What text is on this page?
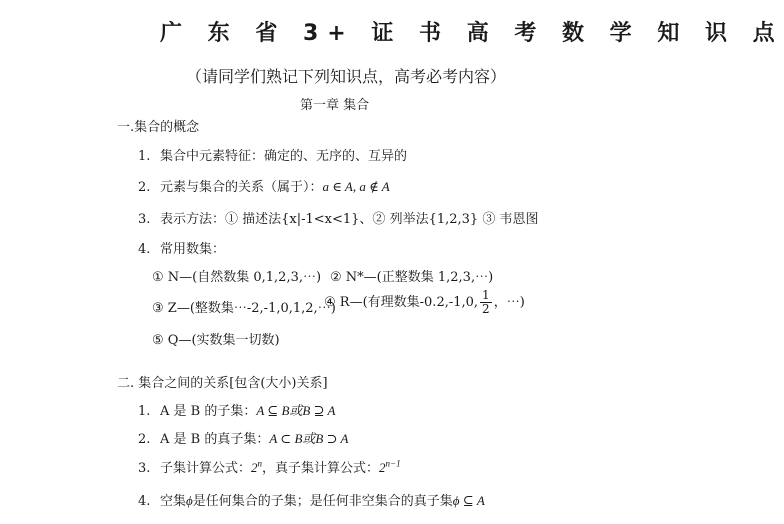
广 东 省 3+ 证 书 高 考 数 学 知 识 点
（请同学们熟记下列知识点，高考必考内容）
第一章 集合
一.集合的概念
1. 集合中元素特征：确定的、无序的、互异的
2. 元素与集合的关系（属于）：a ∈ A, a ∉ A
3. 表示方法：① 描述法{x|-1<x<1}、② 列举法{1,2,3} ③ 韦恩图
4. 常用数集：
① N—(自然数集 0,1,2,3,⋯) ② N*—(正整数集 1,2,3,⋯)
③ Z—(整数集⋯-2,-1,0,1,2,⋯)
④ R—(有理数集-0.2,-1,0, $\frac{1}{2}$ ，⋯)
⑤ Q—(实数集一切数)
二. 集合之间的关系[包含(大小)关系]
1. A 是 B 的子集：A ⊆ B或B ⊇ A
2. A 是 B 的真子集：A ⊂ B或B ⊃ A
3. 子集计算公式：2$^n$，真子集计算公式：$2^{n-1}$
4. 空集ϕ是任何集合的子集；是任何非空集合的真子集ϕ ⊆ A
